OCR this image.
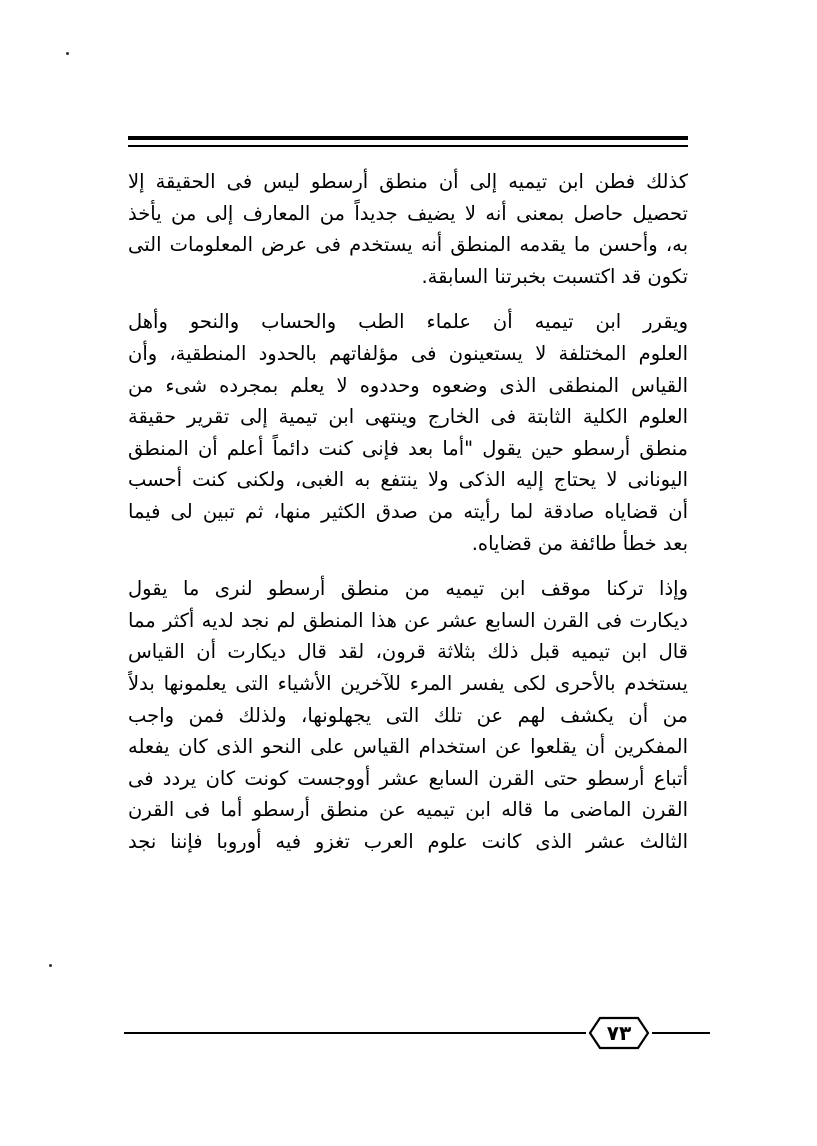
كذلك فطن ابن تيميه إلى أن منطق أرسطو ليس فى الحقيقة إلا
تحصيل حاصل بمعنى أنه لا يضيف جديداً من المعارف إلى من يأخذ
به، وأحسن ما يقدمه المنطق أنه يستخدم فى عرض المعلومات التى
تكون قد اكتسبت بخبرتنا السابقة.
ويقرر ابن تيميه أن علماء الطب والحساب والنحو وأهل
العلوم المختلفة لا يستعينون فى مؤلفاتهم بالحدود المنطقية، وأن
القياس المنطقى الذى وضعوه وحددوه لا يعلم بمجرده شىء من
العلوم الكلية الثابتة فى الخارج وينتهى ابن تيمية إلى تقرير حقيقة
منطق أرسطو حين يقول "أما بعد فإنى كنت دائماً أعلم أن المنطق
اليونانى لا يحتاج إليه الذكى ولا ينتفع به الغبى، ولكنى كنت أحسب
أن قضاياه صادقة لما رأيته من صدق الكثير منها، ثم تبين لى فيما
بعد خطأ طائفة من قضاياه.
وإذا تركنا موقف ابن تيميه من منطق أرسطو لنرى ما يقول
ديكارت فى القرن السابع عشر عن هذا المنطق لم نجد لديه أكثر مما
قال ابن تيميه قبل ذلك بثلاثة قرون، لقد قال ديكارت أن القياس
يستخدم بالأحرى لكى يفسر المرء للآخرين الأشياء التى يعلمونها بدلاً
من أن يكشف لهم عن تلك التى يجهلونها، ولذلك فمن واجب
المفكرين أن يقلعوا عن استخدام القياس على النحو الذى كان يفعله
أتباع أرسطو حتى القرن السابع عشر أووجست كونت كان يردد فى
القرن الماضى ما قاله ابن تيميه عن منطق أرسطو أما فى القرن
الثالث عشر الذى كانت علوم العرب تغزو فيه أوروبا فإننا نجد
٧٣
